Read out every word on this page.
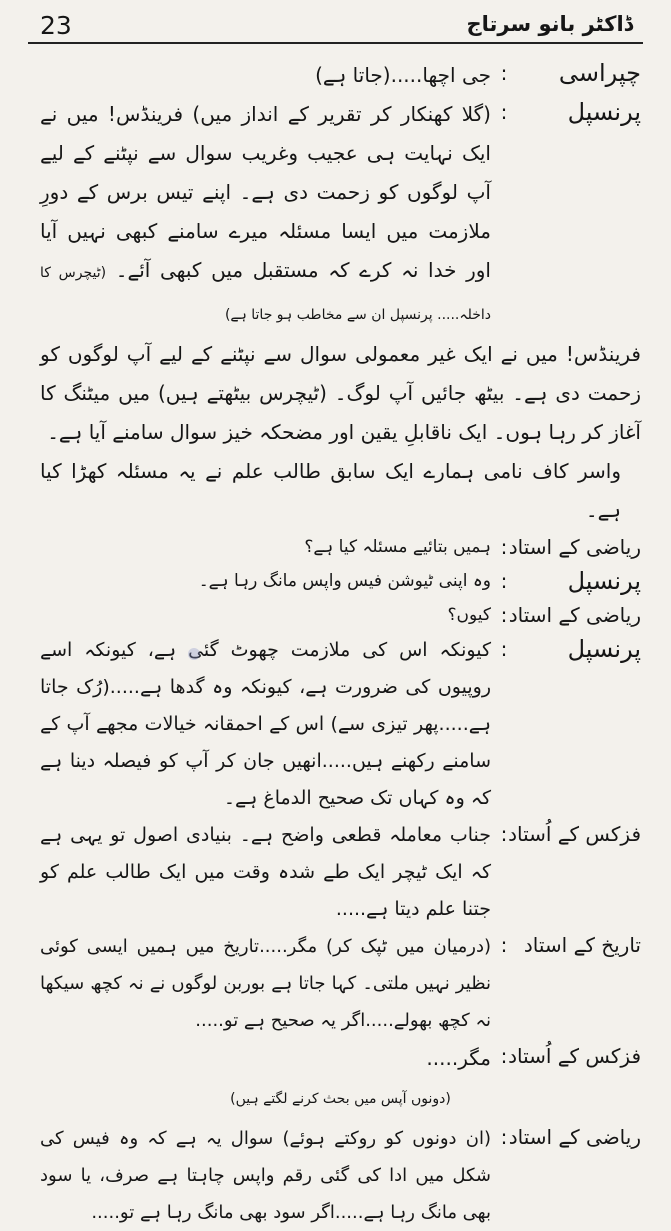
23	ڈاکٹر بانو سرتاج
چپراسی
:
جی اچھا.....(جاتا ہے)
پرنسپل
:
(گلا کھنکار کر تقریر کے انداز میں) فرینڈس! میں نے ایک نہایت ہی عجیب وغریب سوال سے نپٹنے کے لیے آپ لوگوں کو زحمت دی ہے۔ اپنے تیس برس کے دورِ ملازمت میں ایسا مسئلہ میرے سامنے کبھی نہیں آیا اور خدا نہ کرے کہ مستقبل میں کبھی آئے۔ (ٹیچرس کا داخلہ..... پرنسپل ان سے مخاطب ہو جاتا ہے)
فرینڈس! میں نے ایک غیر معمولی سوال سے نپٹنے کے لیے آپ لوگوں کو زحمت دی ہے۔ بیٹھ جائیں آپ لوگ۔ (ٹیچرس بیٹھتے ہیں) میں میٹنگ کا آغاز کر رہا ہوں۔ ایک ناقابلِ یقین اور مضحکہ خیز سوال سامنے آیا ہے۔
واسر کاف نامی ہمارے ایک سابق طالب علم نے یہ مسئلہ کھڑا کیا ہے۔
ریاضی کے استاد
:
ہمیں بتائیے مسئلہ کیا ہے؟
پرنسپل
:
وہ اپنی ٹیوشن فیس واپس مانگ رہا ہے۔
ریاضی کے استاد
:
کیوں؟
پرنسپل
:
کیونکہ اس کی ملازمت چھوٹ گئی ہے، کیونکہ اسے روپیوں کی ضرورت ہے، کیونکہ وہ گدھا ہے.....(رُک جاتا ہے.....پھر تیزی سے) اس کے احمقانہ خیالات مجھے آپ کے سامنے رکھنے ہیں.....انھیں جان کر آپ کو فیصلہ دینا ہے کہ وہ کہاں تک صحیح الدماغ ہے۔
فزکس کے اُستاد
:
جناب معاملہ قطعی واضح ہے۔ بنیادی اصول تو یہی ہے کہ ایک ٹیچر ایک طے شدہ وقت میں ایک طالب علم کو جتنا علم دیتا ہے.....
تاریخ کے استاد
:
(درمیان میں ٹپک کر) مگر.....تاریخ میں ہمیں ایسی کوئی نظیر نہیں ملتی۔ کہا جاتا ہے بوربن لوگوں نے نہ کچھ سیکھا نہ کچھ بھولے.....اگر یہ صحیح ہے تو.....
فزکس کے اُستاد
:
مگر.....
(دونوں آپس میں بحث کرنے لگتے ہیں)
ریاضی کے استاد
:
(ان دونوں کو روکتے ہوئے) سوال یہ ہے کہ وہ فیس کی شکل میں ادا کی گئی رقم واپس چاہتا ہے صرف، یا سود بھی مانگ رہا ہے.....اگر سود بھی مانگ رہا ہے تو.....
